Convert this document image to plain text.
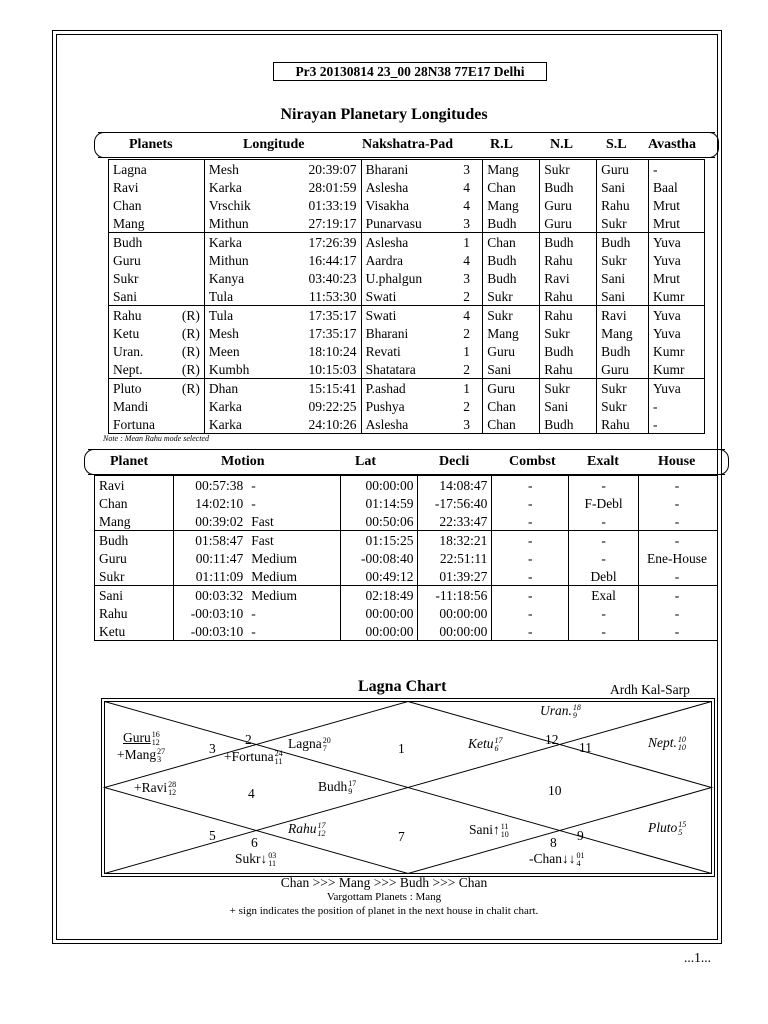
Pr3 20130814 23_00 28N38 77E17 Delhi
Nirayan Planetary Longitudes
Planets	Longitude	Nakshatra-Pad	R.L	N.L S.L Avastha
Lagna		Mesh	20:39:07	Bharani	3	Mang	Sukr	Guru	-
Ravi		Karka	28:01:59	Aslesha	4	Chan	Budh	Sani	Baal
Chan		Vrschik	01:33:19	Visakha	4	Mang	Guru	Rahu	Mrut
Mang		Mithun	27:19:17	Punarvasu	3	Budh	Guru	Sukr	Mrut
Budh		Karka	17:26:39	Aslesha	1	Chan	Budh	Budh	Yuva
Guru		Mithun	16:44:17	Aardra	4	Budh	Rahu	Sukr	Yuva
Sukr		Kanya	03:40:23	U.phalgun	3	Budh	Ravi	Sani	Mrut
Sani		Tula	11:53:30	Swati	2	Sukr	Rahu	Sani	Kumr
Rahu	(R)	Tula	17:35:17	Swati	4	Sukr	Rahu	Ravi	Yuva
Ketu	(R)	Mesh	17:35:17	Bharani	2	Mang	Sukr	Mang	Yuva
Uran.	(R)	Meen	18:10:24	Revati	1	Guru	Budh	Budh	Kumr
Nept.	(R)	Kumbh	10:15:03	Shatatara	2	Sani	Rahu	Guru	Kumr
Pluto	(R)	Dhan	15:15:41	P.ashad	1	Guru	Sukr	Sukr	Yuva
Mandi		Karka	09:22:25	Pushya	2	Chan	Sani	Sukr	-
Fortuna		Karka	24:10:26	Aslesha	3	Chan	Budh	Rahu	-
Note : Mean Rahu mode selected
Planet	Motion	Lat	Decli	Combst Exalt	House
Ravi	00:57:38	-	00:00:00	14:08:47	-	-	-
Chan	14:02:10	-	01:14:59	-17:56:40	-	F-Debl	-
Mang	00:39:02	Fast	00:50:06	22:33:47	-	-	-
Budh	01:58:47	Fast	01:15:25	18:32:21	-	-	-
Guru	00:11:47	Medium	-00:08:40	22:51:11	-	-	Ene-House
Sukr	01:11:09	Medium	00:49:12	01:39:27	-	Debl	-
Sani	00:03:32	Medium	02:18:49	-11:18:56	-	Exal	-
Rahu	-00:03:10	-	00:00:00	00:00:00	-	-	-
Ketu	-00:03:10	-	00:00:00	00:00:00	-	-	-
Lagna Chart	Ardh Kal-Sarp
1
2
3
4
5	6	7	8 9
10
11
12
Guru 16
12
+Mang 27
3	+Fortuna 24
11
Lagna 20
7
+Ravi 28
12	Budh 17
9
Rahu 17
12
Sukr↓ 03
11
Sani↑ 11
10
-Chan↓↓ 01
4
Ketu 17
6
Uran. 18
9
Nept. 10
10
Pluto 15
5
Chan >>> Mang >>> Budh >>> Chan
Vargottam Planets : Mang
+ sign indicates the position of planet in the next house in chalit chart.
...1...
